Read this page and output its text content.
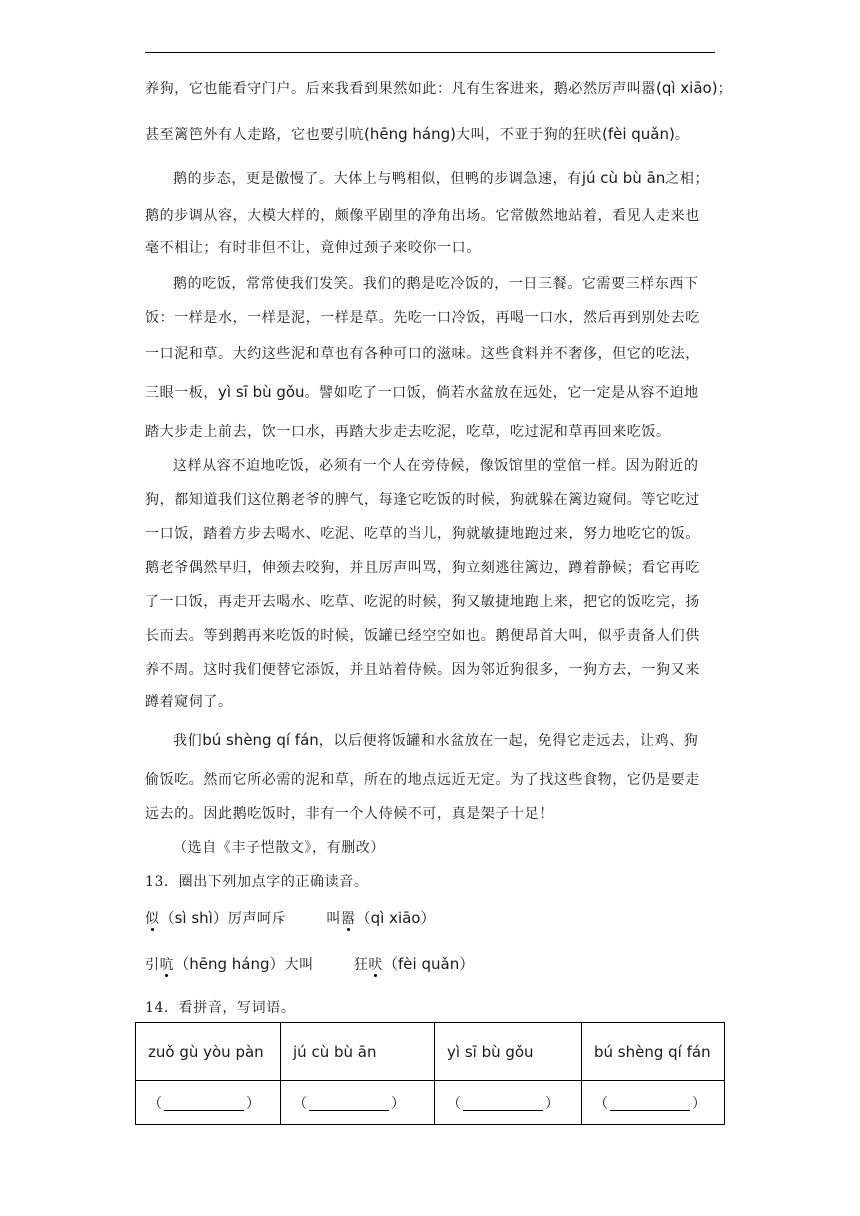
养狗，它也能看守门户。后来我看到果然如此：凡有生客进来，鹅必然厉声叫嚣(qì xiāo)；
甚至篱笆外有人走路，它也要引吭(hēng háng)大叫，不亚于狗的狂吠(fèi quǎn)。
鹅的步态，更是傲慢了。大体上与鸭相似，但鸭的步调急速，有jú cù bù ān之相；
鹅的步调从容，大模大样的，颇像平剧里的净角出场。它常傲然地站着，看见人走来也
毫不相让；有时非但不让，竟伸过颈子来咬你一口。
鹅的吃饭，常常使我们发笑。我们的鹅是吃冷饭的，一日三餐。它需要三样东西下
饭：一样是水，一样是泥，一样是草。先吃一口冷饭，再喝一口水，然后再到别处去吃
一口泥和草。大约这些泥和草也有各种可口的滋味。这些食料并不奢侈，但它的吃法，
三眼一板，yì sī bù gǒu。譬如吃了一口饭，倘若水盆放在远处，它一定是从容不迫地
踏大步走上前去，饮一口水，再踏大步走去吃泥，吃草，吃过泥和草再回来吃饭。
这样从容不迫地吃饭，必须有一个人在旁侍候，像饭馆里的堂倌一样。因为附近的
狗，都知道我们这位鹅老爷的脾气，每逢它吃饭的时候，狗就躲在篱边窥伺。等它吃过
一口饭，踏着方步去喝水、吃泥、吃草的当儿，狗就敏捷地跑过来，努力地吃它的饭。
鹅老爷偶然早归，伸颈去咬狗，并且厉声叫骂，狗立刻逃往篱边，蹲着静候；看它再吃
了一口饭，再走开去喝水、吃草、吃泥的时候，狗又敏捷地跑上来，把它的饭吃完，扬
长而去。等到鹅再来吃饭的时候，饭罐已经空空如也。鹅便昂首大叫，似乎责备人们供
养不周。这时我们便替它添饭，并且站着侍候。因为邻近狗很多，一狗方去，一狗又来
蹲着窥伺了。
我们bú shèng qí fán，以后便将饭罐和水盆放在一起，免得它走远去，让鸡、狗
偷饭吃。然而它所必需的泥和草，所在的地点远近无定。为了找这些食物，它仍是要走
远去的。因此鹅吃饭时，非有一个人侍候不可，真是架子十足！
（选自《丰子恺散文》，有删改）
13．圈出下列加点字的正确读音。
似（sì shì）厉声呵斥	叫嚣（qì xiāo）
引吭（hēng háng）大叫	狂吠（fèi quǎn）
14．看拼音，写词语。
zuǒ gù yòu pàn	jú cù bù ān	yì sī bù gǒu	bú shèng qí fán
（ ）	（ ）	（ ）	（ ）
